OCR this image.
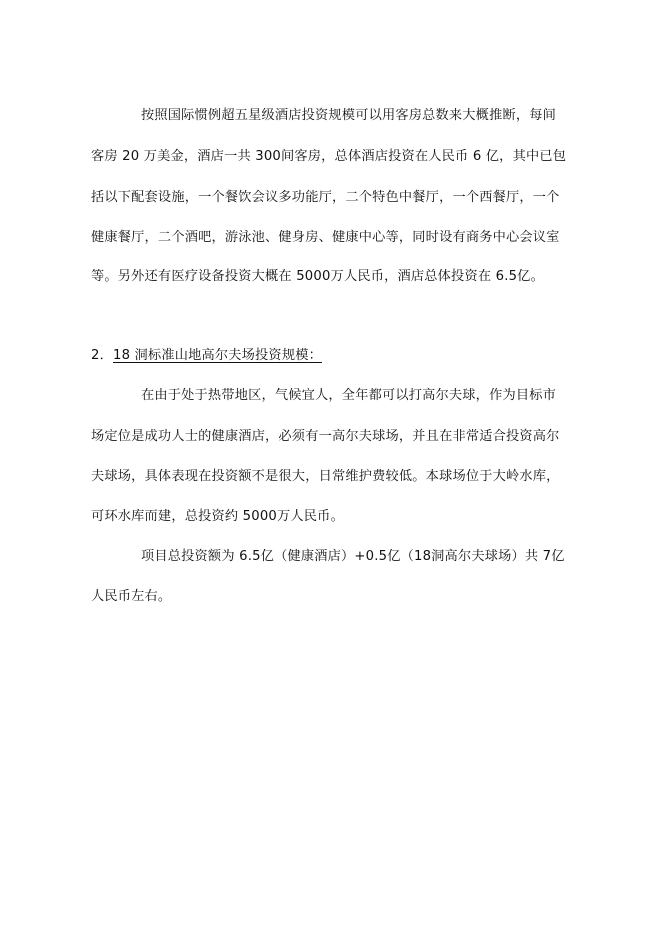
按照国际惯例超五星级酒店投资规模可以用客房总数来大概推断，每间
客房 20 万美金，酒店一共 300间客房，总体酒店投资在人民币 6 亿，其中已包
括以下配套设施，一个餐饮会议多功能厅，二个特色中餐厅，一个西餐厅，一个
健康餐厅，二个酒吧，游泳池、健身房、健康中心等，同时设有商务中心会议室
等。另外还有医疗设备投资大概在 5000万人民币，酒店总体投资在 6.5亿。
2．18 洞标准山地高尔夫场投资规模：
在由于处于热带地区，气候宜人，全年都可以打高尔夫球，作为目标市
场定位是成功人士的健康酒店，必须有一高尔夫球场，并且在非常适合投资高尔
夫球场，具体表现在投资额不是很大，日常维护费较低。本球场位于大岭水库，
可环水库而建，总投资约 5000万人民币。
项目总投资额为 6.5亿（健康酒店）+0.5亿（18洞高尔夫球场）共 7亿
人民币左右。
